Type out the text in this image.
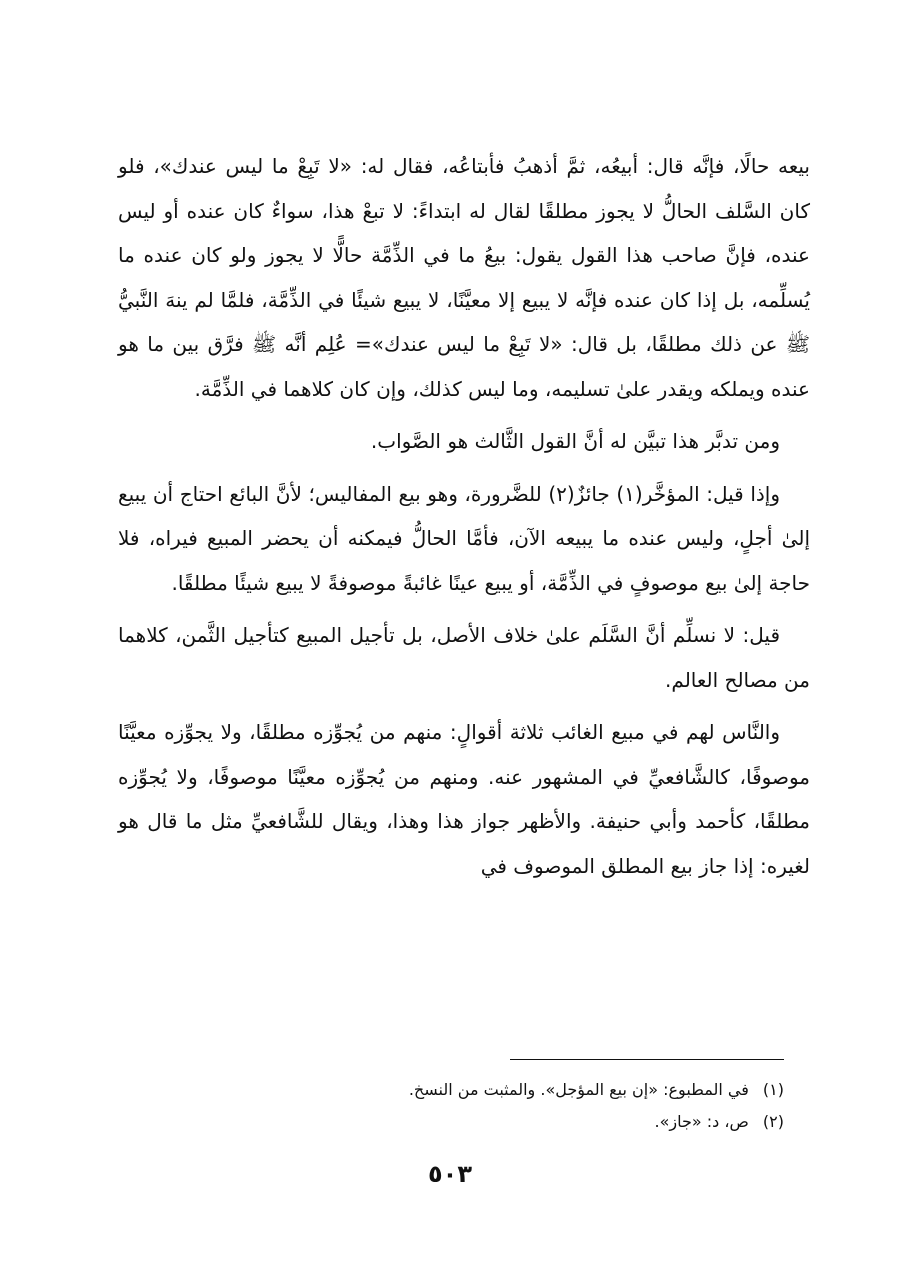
بيعه حالًا، فإنَّه قال: أبيعُه، ثمَّ أذهبُ فأبتاعُه، فقال له: «لا تَبِعْ ما ليس عندك»، فلو كان السَّلف الحالُّ لا يجوز مطلقًا لقال له ابتداءً: لا تبعْ هذا، سواءٌ كان عنده أو ليس عنده، فإنَّ صاحب هذا القول يقول: بيعُ ما في الذِّمَّة حالًّا لا يجوز ولو كان عنده ما يُسلِّمه، بل إذا كان عنده فإنَّه لا يبيع إلا معيَّنًا، لا يبيع شيئًا في الذِّمَّة، فلمَّا لم ينهَ النَّبيُّ ﷺ عن ذلك مطلقًا، بل قال: «لا تَبِعْ ما ليس عندك»= عُلِم أنَّه ﷺ فرَّق بين ما هو عنده ويملكه ويقدر علىٰ تسليمه، وما ليس كذلك، وإن كان كلاهما في الذِّمَّة.

ومن تدبَّر هذا تبيَّن له أنَّ القول الثَّالث هو الصَّواب.

وإذا قيل: المؤخَّر(١) جائزٌ(٢) للضَّرورة، وهو بيع المفاليس؛ لأنَّ البائع احتاج أن يبيع إلىٰ أجلٍ، وليس عنده ما يبيعه الآن، فأمَّا الحالُّ فيمكنه أن يحضر المبيع فيراه، فلا حاجة إلىٰ بيع موصوفٍ في الذِّمَّة، أو يبيع عينًا غائبةً موصوفةً لا يبيع شيئًا مطلقًا.

قيل: لا نسلِّم أنَّ السَّلَم علىٰ خلاف الأصل، بل تأجيل المبيع كتأجيل الثَّمن، كلاهما من مصالح العالم.

والنَّاس لهم في مبيع الغائب ثلاثة أقوالٍ: منهم من يُجوِّزه مطلقًا، ولا يجوِّزه معيَّنًا موصوفًا، كالشَّافعيِّ في المشهور عنه. ومنهم من يُجوِّزه معيَّنًا موصوفًا، ولا يُجوِّزه مطلقًا، كأحمد وأبي حنيفة. والأظهر جواز هذا وهذا، ويقال للشَّافعيِّ مثل ما قال هو لغيره: إذا جاز بيع المطلق الموصوف في

(١) في المطبوع: «إن بيع المؤجل». والمثبت من النسخ.
(٢) ص، د: «جاز».
٥٠٣
